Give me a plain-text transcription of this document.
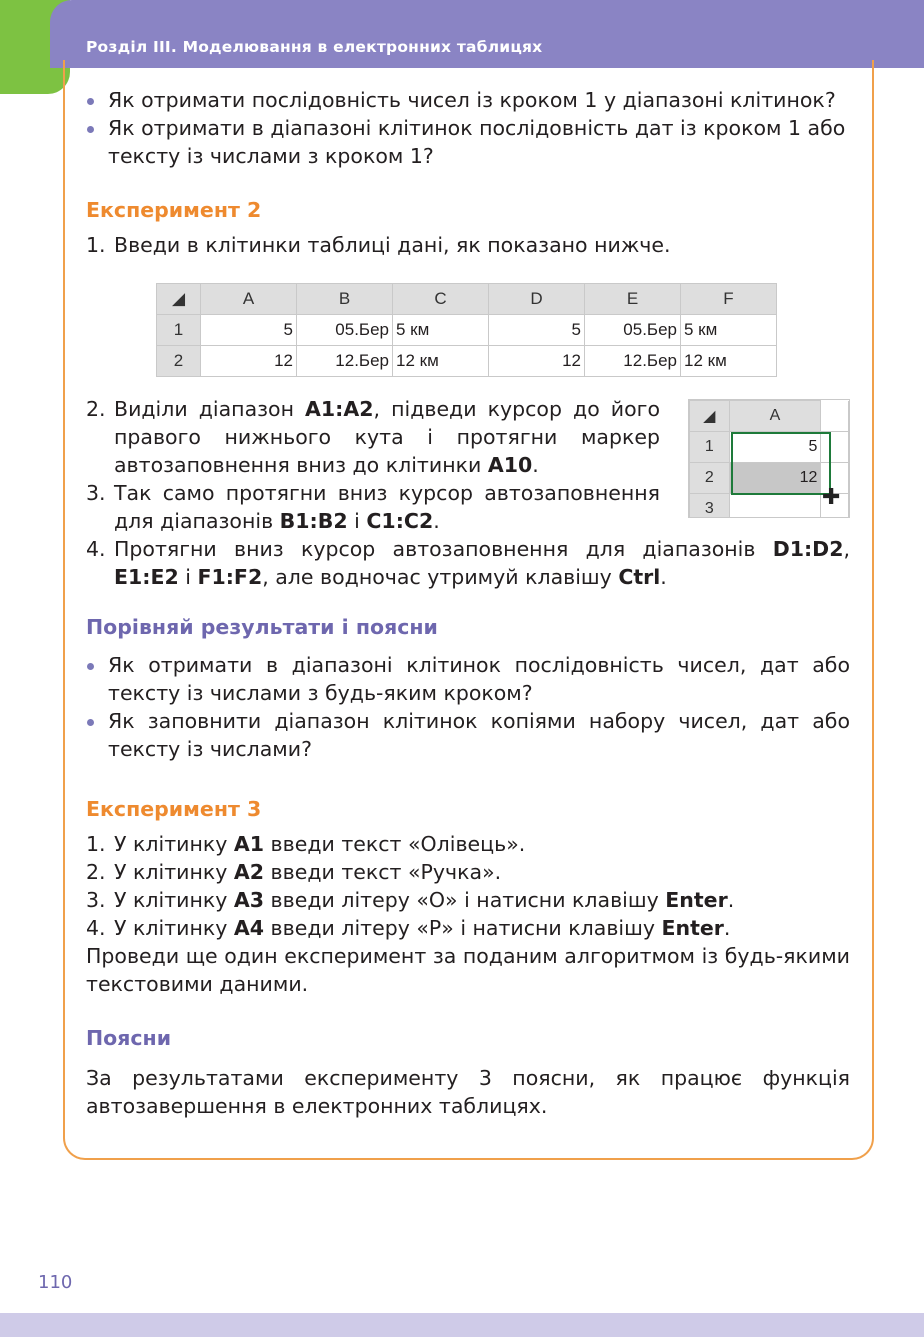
Розділ ІІІ. Моделювання в електронних таблицях
Як отримати послідовність чисел із кроком 1 у діапазоні клітинок?
Як отримати в діапазоні клітинок послідовність дат із кроком 1 або тексту із числами з кроком 1?
Експеримент 2
1. Введи в клітинки таблиці дані, як показано нижче.
2. Виділи діапазон A1:A2, підведи курсор до його правого нижнього кута і протягни маркер автозаповнення вниз до клітинки A10.
3. Так само протягни вниз курсор автозаповнення для діапазонів B1:B2 і C1:C2.
4. Протягни вниз курсор автозаповнення для діапазонів D1:D2, E1:E2 і F1:F2, але водночас утримуй клавішу Ctrl.
Порівняй результати і поясни
Як отримати в діапазоні клітинок послідовність чисел, дат або тексту із числами з будь-яким кроком?
Як заповнити діапазон клітинок копіями набору чисел, дат або тексту із числами?
Експеримент 3
1. У клітинку A1 введи текст «Олівець».
2. У клітинку A2 введи текст «Ручка».
3. У клітинку A3 введи літеру «О» і натисни клавішу Enter.
4. У клітинку A4 введи літеру «Р» і натисни клавішу Enter.

Проведи ще один експеримент за поданим алгоритмом із будь-якими текстовими даними.

Поясни

За результатами експерименту 3 поясни, як працює функція автозавершення в електронних таблицях.

◢	A	B	C	D	E	F
1	5	05.Бер	5 км	5	05.Бер	5 км
2	12	12.Бер	12 км	12	12.Бер	12 км
◢	A	
1	5	
2	12	
3			✚
110
